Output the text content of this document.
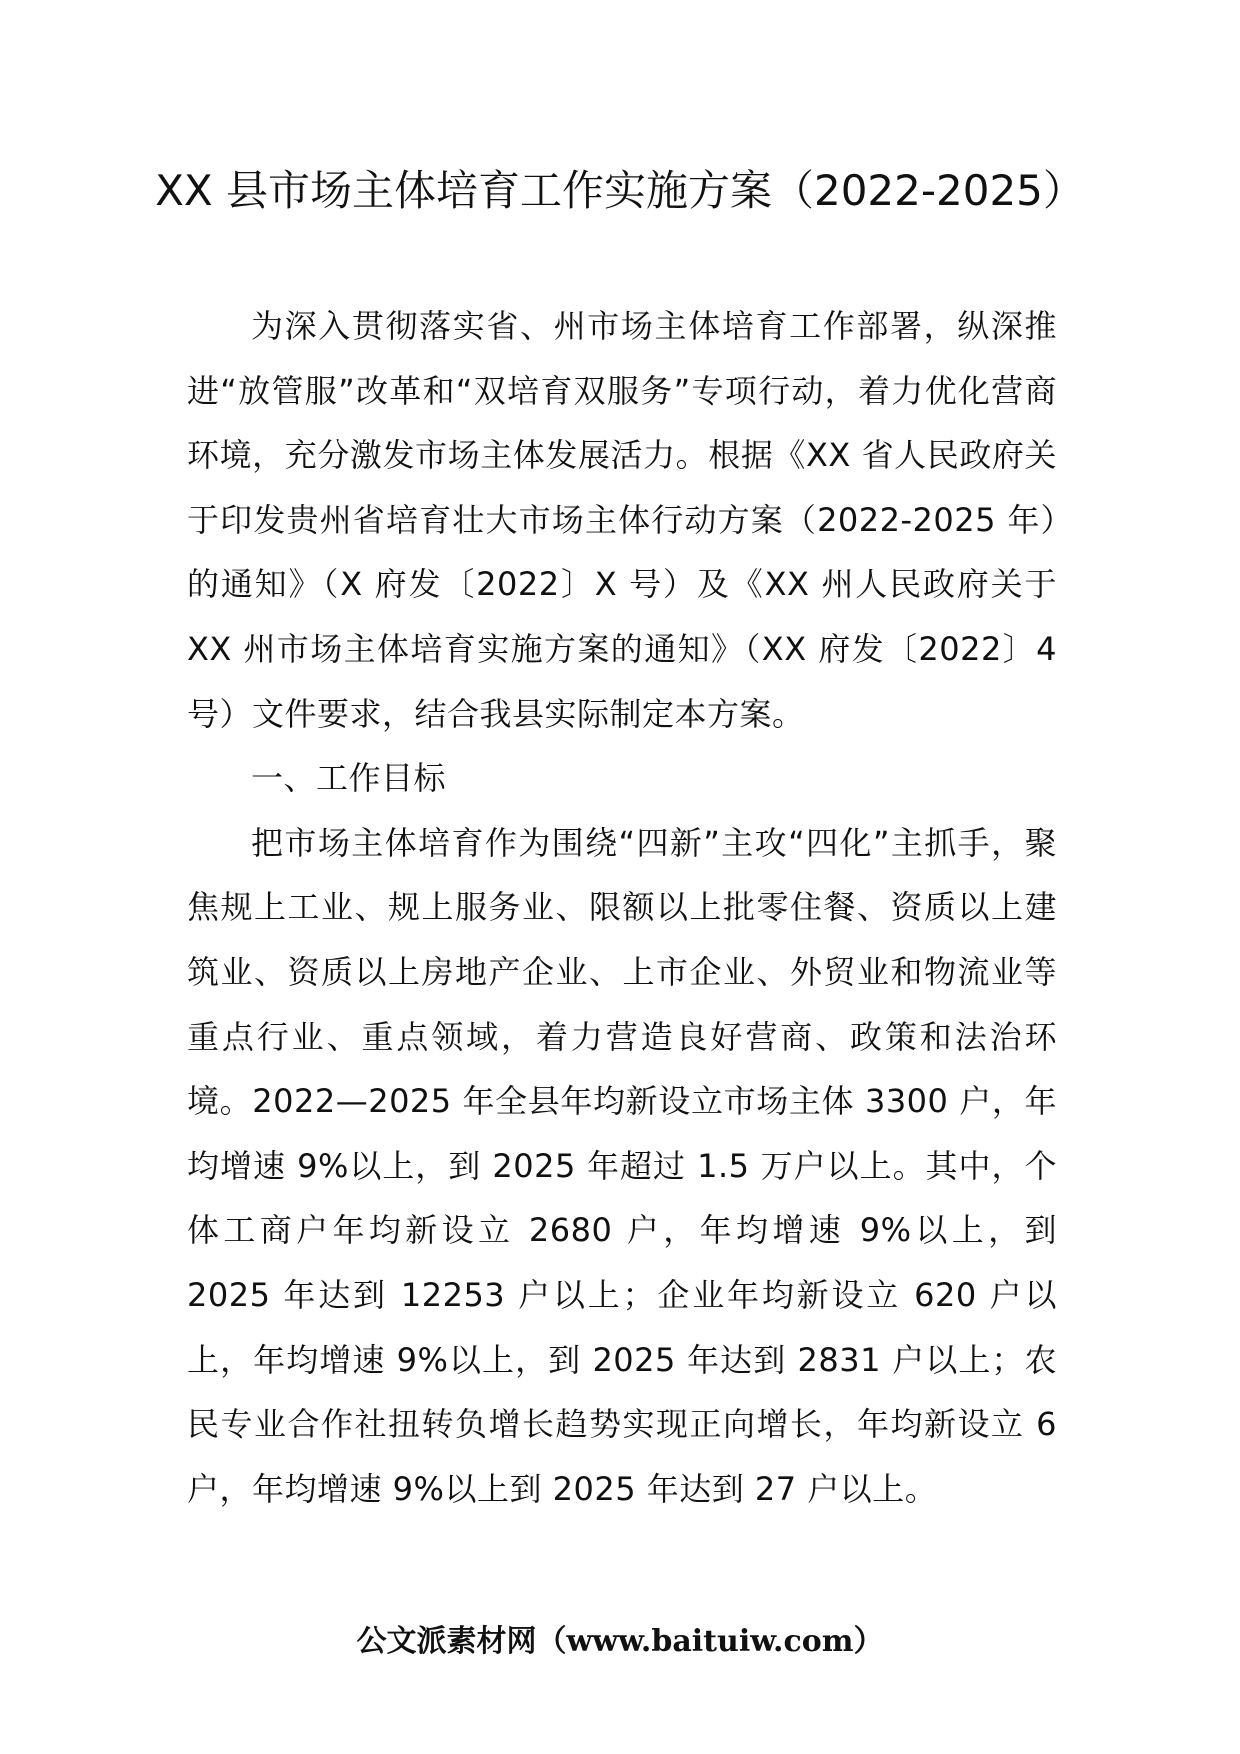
XX 县市场主体培育工作实施方案（2022-2025）

为深入贯彻落实省、州市场主体培育工作部署，纵深推进“放管服”改革和“双培育双服务”专项行动，着力优化营商环境，充分激发市场主体发展活力。根据《XX 省人民政府关于印发贵州省培育壮大市场主体行动方案（2022-2025 年）的通知》（X 府发〔2022〕X 号）及《XX 州人民政府关于 XX 州市场主体培育实施方案的通知》（XX 府发〔2022〕4 号）文件要求，结合我县实际制定本方案。

一、工作目标

把市场主体培育作为围绕“四新”主攻“四化”主抓手，聚焦规上工业、规上服务业、限额以上批零住餐、资质以上建筑业、资质以上房地产企业、上市企业、外贸业和物流业等重点行业、重点领域，着力营造良好营商、政策和法治环境。2022—2025 年全县年均新设立市场主体 3300 户，年均增速 9%以上，到 2025 年超过 1.5 万户以上。其中，个体工商户年均新设立 2680 户，年均增速 9%以上，到 2025 年达到 12253 户以上；企业年均新设立 620 户以上，年均增速 9%以上，到 2025 年达到 2831 户以上；农民专业合作社扭转负增长趋势实现正向增长，年均新设立 6 户，年均增速 9%以上到 2025 年达到 27 户以上。

公文派素材网（www.baituiw.com）
